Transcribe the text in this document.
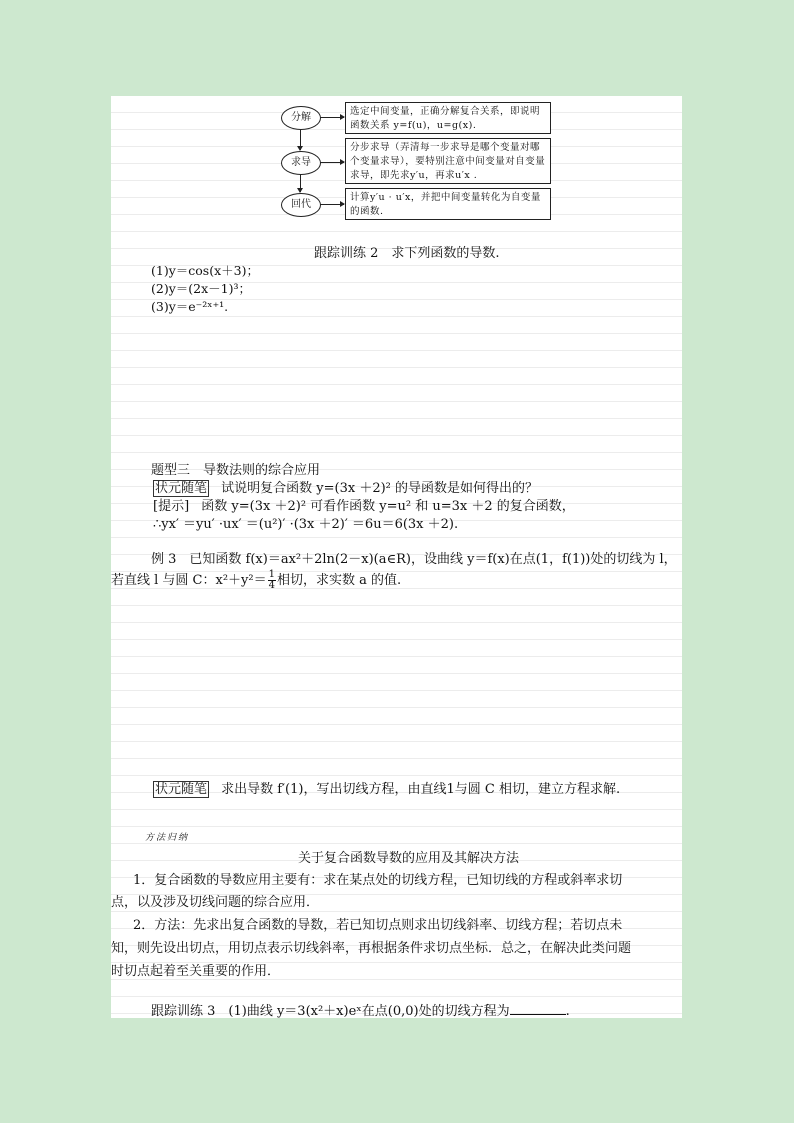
分解
选定中间变量，正确分解复合关系，即说明函数关系 y=f(u)，u=g(x).
求导
分步求导（弄清每一步求导是哪个变量对哪个变量求导），要特别注意中间变量对自变量求导，即先求y′u，再求u′x .
回代
计算y′u · u′x，并把中间变量转化为自变量的函数.
跟踪训练 2　求下列函数的导数.
(1)y＝cos(x＋3)；
(2)y＝(2x－1)³；
(3)y＝e⁻²ˣ⁺¹.
题型三　导数法则的综合应用
状元随笔 试说明复合函数 y=(3x ＋2)² 的导函数是如何得出的？
[提示] 函数 y=(3x ＋2)² 可看作函数 y=u² 和 u=3x ＋2 的复合函数，
∴yx′ ＝yu′ ·ux′ ＝(u²)′ ·(3x ＋2)′ ＝6u＝6(3x ＋2).
例 3　已知函数 f(x)＝ax²＋2ln(2－x)(a∈R)，设曲线 y＝f(x)在点(1，f(1))处的切线为 l，
若直线 l 与圆 C：$x^2+y^2= \frac{1}{4}$ 相切，求实数 a 的值.
状元随笔 求出导数 f′(1)，写出切线方程，由直线1与圆 C 相切，建立方程求解.
方法归纳
关于复合函数导数的应用及其解决方法
1．复合函数的导数应用主要有：求在某点处的切线方程，已知切线的方程或斜率求切
点，以及涉及切线问题的综合应用．
2．方法：先求出复合函数的导数，若已知切点则求出切线斜率、切线方程；若切点未
知，则先设出切点，用切点表示切线斜率，再根据条件求切点坐标．总之，在解决此类问题
时切点起着至关重要的作用．
跟踪训练 3　(1)曲线 y＝3(x²＋x)eˣ在点(0,0)处的切线方程为	.
